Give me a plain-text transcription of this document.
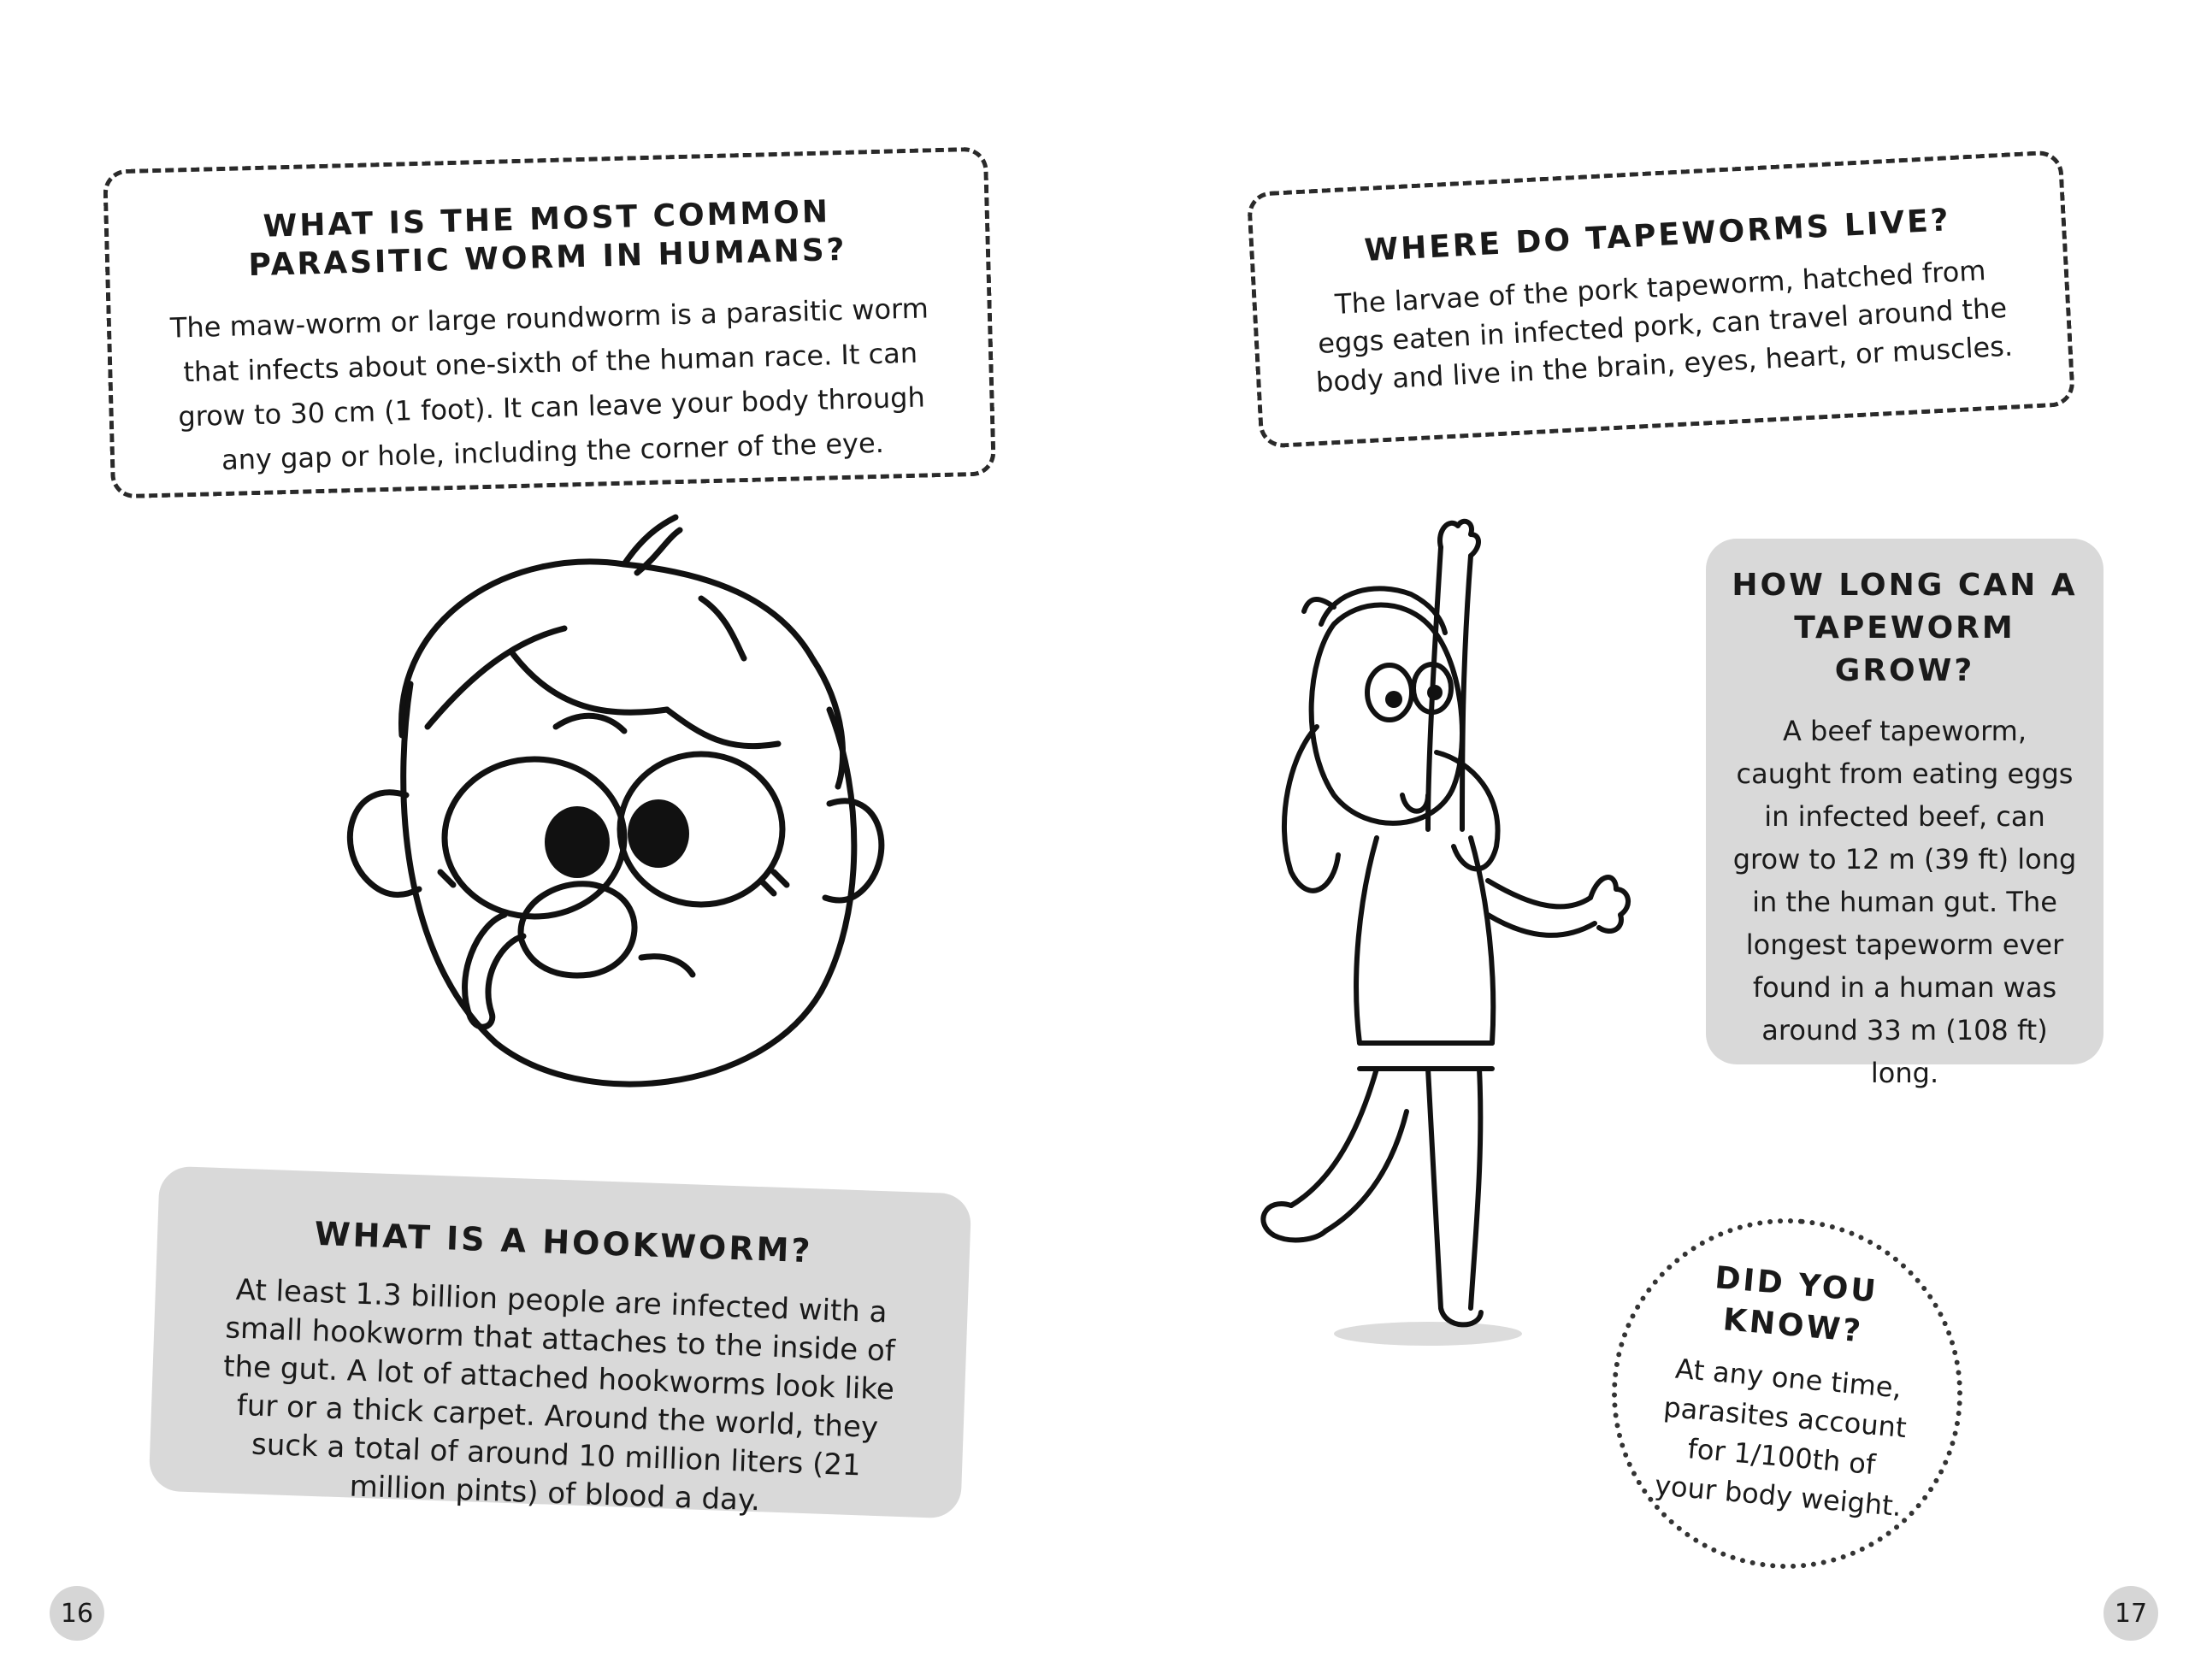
WHAT IS THE MOST COMMON PARASITIC WORM IN HUMANS?

The maw-worm or large roundworm is a parasitic worm that infects about one-sixth of the human race. It can grow to 30 cm (1 foot). It can leave your body through any gap or hole, including the corner of the eye.

WHAT IS A HOOKWORM?

At least 1.3 billion people are infected with a small hookworm that attaches to the inside of the gut. A lot of attached hookworms look like fur or a thick carpet. Around the world, they suck a total of around 10 million liters (21 million pints) of blood a day.

16
WHERE DO TAPEWORMS LIVE?

The larvae of the pork tapeworm, hatched from eggs eaten in infected pork, can travel around the body and live in the brain, eyes, heart, or muscles.

HOW LONG CAN A TAPEWORM GROW?

A beef tapeworm, caught from eating eggs in infected beef, can grow to 12 m (39 ft) long in the human gut. The longest tapeworm ever found in a human was around 33 m (108 ft) long.

DID YOU KNOW?

At any one time, parasites account for 1/100th of your body weight.

17
